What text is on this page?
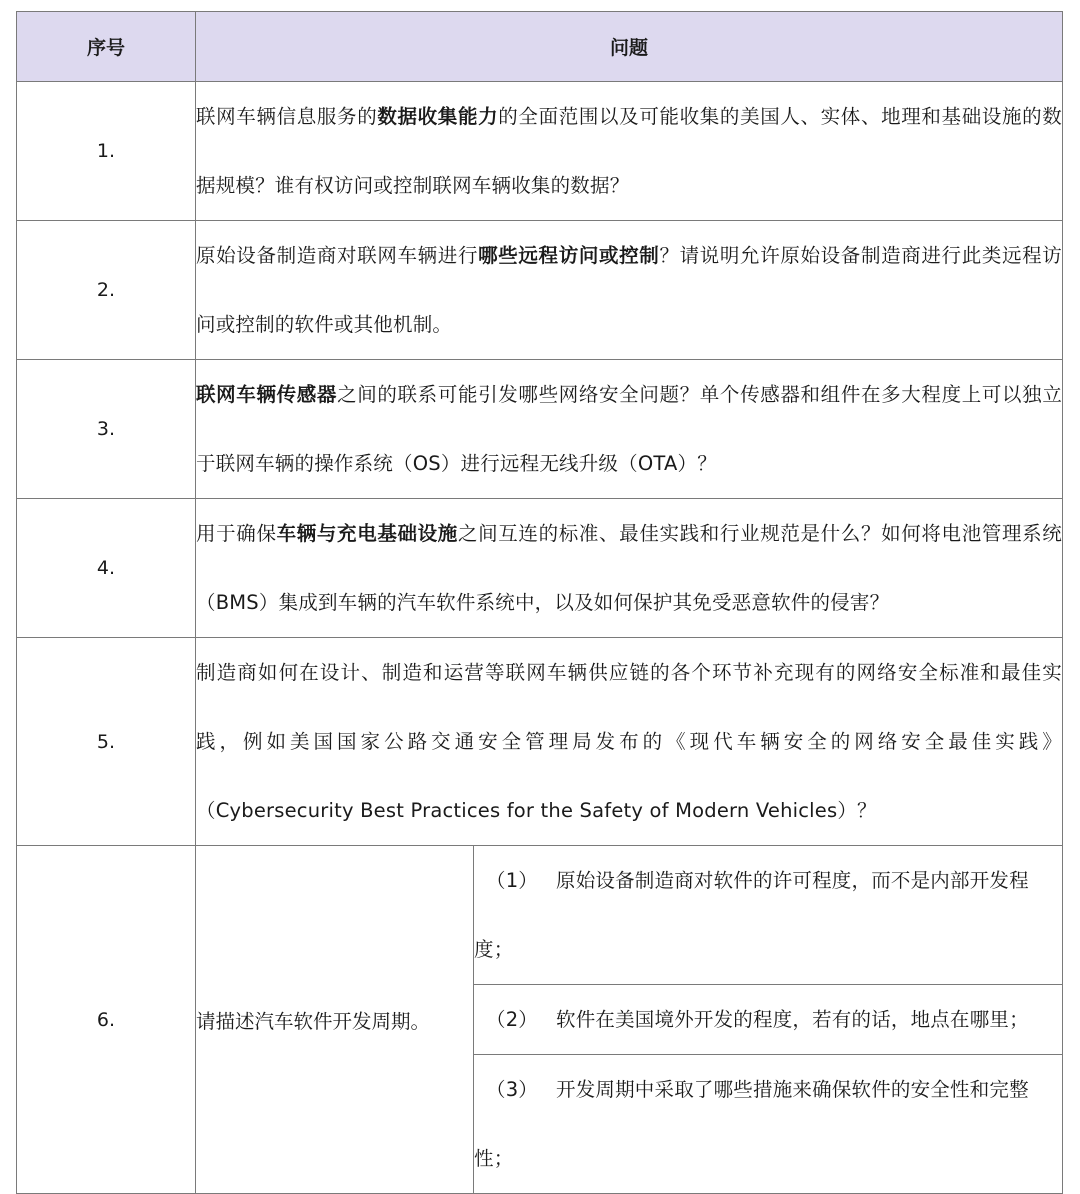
序号	问题	
1.	联网车辆信息服务的数据收集能力的全面范围以及可能收集的美国人、实体、地理和基础设施的数据规模？谁有权访问或控制联网车辆收集的数据？	
2.	原始设备制造商对联网车辆进行哪些远程访问或控制？请说明允许原始设备制造商进行此类远程访问或控制的软件或其他机制。	
3.	联网车辆传感器之间的联系可能引发哪些网络安全问题？单个传感器和组件在多大程度上可以独立于联网车辆的操作系统（OS）进行远程无线升级（OTA）？	
4.	用于确保车辆与充电基础设施之间互连的标准、最佳实践和行业规范是什么？如何将电池管理系统（BMS）集成到车辆的汽车软件系统中，以及如何保护其免受恶意软件的侵害？	
5.	制造商如何在设计、制造和运营等联网车辆供应链的各个环节补充现有的网络安全标准和最佳实践，例如美国国家公路交通安全管理局发布的《现代车辆安全的网络安全最佳实践》（Cybersecurity Best Practices for the Safety of Modern Vehicles）？	
6.	请描述汽车软件开发周期。	（1） 原始设备制造商对软件的许可程度，而不是内部开发程度；
		（2） 软件在美国境外开发的程度，若有的话，地点在哪里；
		（3） 开发周期中采取了哪些措施来确保软件的安全性和完整性；
